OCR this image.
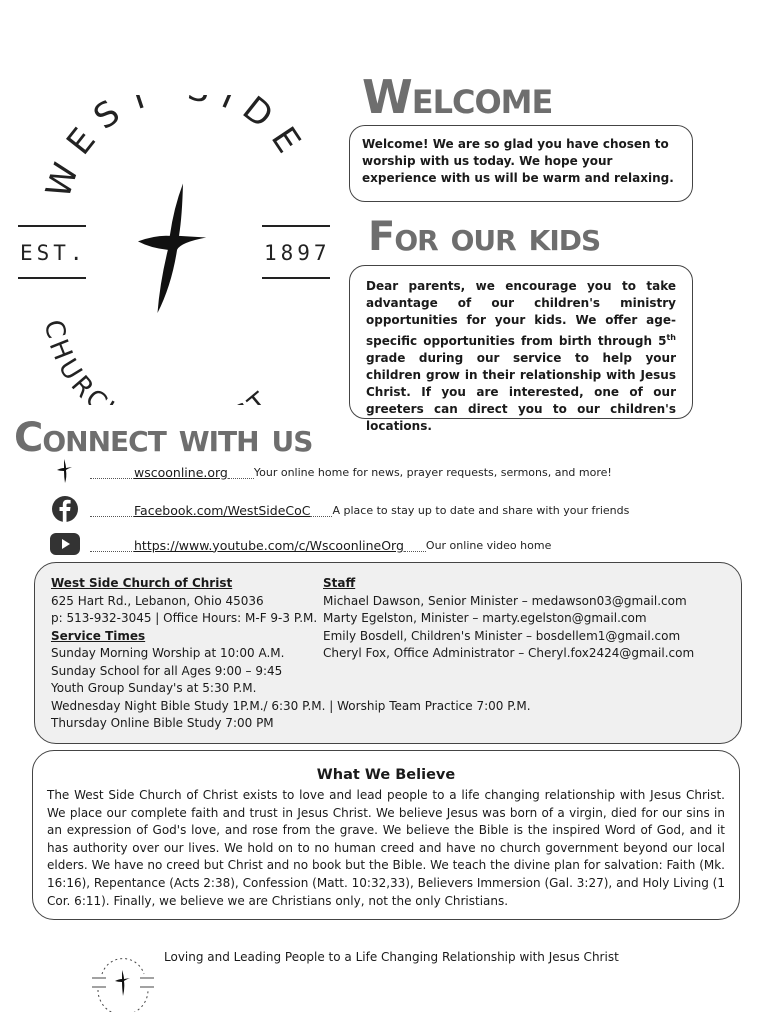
WEST IDE
CHURC T
EST.	1897
Welcome
Welcome! We are so glad you have chosen to worship with us today. We hope your experience with us will be warm and relaxing.
For our kids
Dear parents, we encourage you to take advantage of our children's ministry opportunities for your kids. We offer age-specific opportunities from birth through 5th grade during our service to help your children grow in their relationship with Jesus Christ. If you are interested, one of our greeters can direct you to our children's locations.
Connect with us
wscoonline.org Your online home for news, prayer requests, sermons, and more!
Facebook.com/WestSideCoC A place to stay up to date and share with your friends
https://www.youtube.com/c/WscoonlineOrg Our online video home
West Side Church of Christ
625 Hart Rd., Lebanon, Ohio 45036
p: 513-932-3045 | Office Hours: M-F 9-3 P.M.
Service Times
Sunday Morning Worship at 10:00 A.M.
Sunday School for all Ages 9:00 – 9:45
Youth Group Sunday's at 5:30 P.M.
Wednesday Night Bible Study 1P.M./ 6:30 P.M. | Worship Team Practice 7:00 P.M.
Thursday Online Bible Study 7:00 PM
Staff
Michael Dawson, Senior Minister – medawson03@gmail.com
Marty Egelston, Minister – marty.egelston@gmail.com
Emily Bosdell, Children's Minister – bosdellem1@gmail.com
Cheryl Fox, Office Administrator – Cheryl.fox2424@gmail.com
What We Believe
The West Side Church of Christ exists to love and lead people to a life changing relationship with Jesus Christ. We place our complete faith and trust in Jesus Christ. We believe Jesus was born of a virgin, died for our sins in an expression of God's love, and rose from the grave. We believe the Bible is the inspired Word of God, and it has authority over our lives. We hold on to no human creed and have no church government beyond our local elders. We have no creed but Christ and no book but the Bible. We teach the divine plan for salvation: Faith (Mk. 16:16), Repentance (Acts 2:38), Confession (Matt. 10:32,33), Believers Immersion (Gal. 3:27), and Holy Living (1 Cor. 6:11). Finally, we believe we are Christians only, not the only Christians.
Loving and Leading People to a Life Changing Relationship with Jesus Christ
